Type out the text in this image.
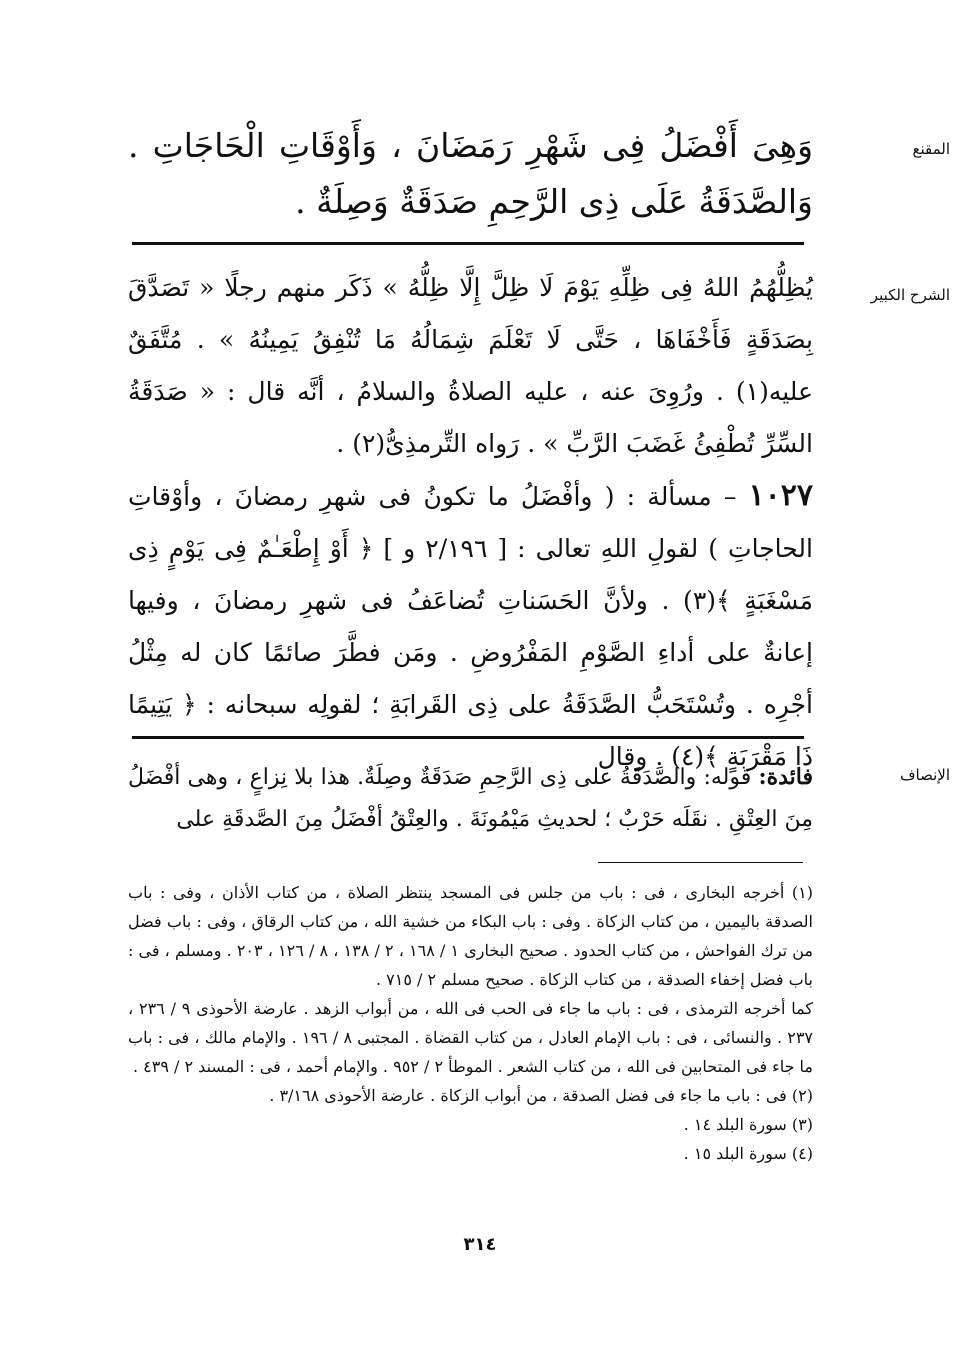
المقنع
وَهِىَ أَفْضَلُ فِى شَهْرِ رَمَضَانَ ، وَأَوْقَاتِ الْحَاجَاتِ . وَالصَّدَقَةُ عَلَى ذِى الرَّحِمِ صَدَقَةٌ وَصِلَةٌ .
الشرح الكبير

يُظِلُّهُمُ اللهُ فِى ظِلِّهِ يَوْمَ لَا ظِلَّ إِلَّا ظِلُّهُ » ذَكَر منهم رجلًا « تَصَدَّقَ بِصَدَقَةٍ فَأَخْفَاهَا ، حَتَّى لَا تَعْلَمَ شِمَالُهُ مَا تُنْفِقُ يَمِينُهُ » . مُتَّفَقٌ عليه(١) . ورُوِىَ عنه ، عليه الصلاةُ والسلامُ ، أنَّه قال : « صَدَقَةُ السِّرِّ تُطْفِئُ غَضَبَ الرَّبِّ » . رَواه التِّرمذِىُّ(٢) .

١٠٢٧ – مسألة : ( وأفْضَلُ ما تكونُ فى شهرِ رمضانَ ، وأوْقاتِ الحاجاتِ ) لقولِ اللهِ تعالى : [ ٢/١٩٦ و ] ﴿ أَوْ إِطْعَـٰمٌ فِى يَوْمٍ ذِى مَسْغَبَةٍ ﴾(٣) . ولأنَّ الحَسَناتِ تُضاعَفُ فى شهرِ رمضانَ ، وفيها إعانةٌ على أداءِ الصَّوْمِ المَفْرُوضِ . ومَن فطَّرَ صائمًا كان له مِثْلُ أجْرِه . وتُسْتَحَبُّ الصَّدَقَةُ على ذِى القَرابَةِ ؛ لقولِه سبحانه : ﴿ يَتِيمًا ذَا مَقْرَبَةٍ ﴾(٤) . وقال

الإنصاف
فائدة: قوله: والصَّدَقَةُ على ذِى الرَّحِمِ صَدَقَةٌ وصِلَةٌ. هذا بلا نِزاعٍ ، وهى أفْضَلُ مِنَ العِتْقِ . نقَلَه حَرْبٌ ؛ لحديثِ مَيْمُونَةَ . والعِتْقُ أفْضَلُ مِنَ الصَّدقَةِ على

(١) أخرجه البخارى ، فى : باب من جلس فى المسجد ينتظر الصلاة ، من كتاب الأذان ، وفى : باب الصدقة باليمين ، من كتاب الزكاة . وفى : باب البكاء من خشية الله ، من كتاب الرقاق ، وفى : باب فضل من ترك الفواحش ، من كتاب الحدود . صحيح البخارى ١ / ١٦٨ ، ٢ / ١٣٨ ، ٨ / ١٢٦ ، ٢٠٣ . ومسلم ، فى : باب فضل إخفاء الصدقة ، من كتاب الزكاة . صحيح مسلم ٢ / ٧١٥ .

كما أخرجه الترمذى ، فى : باب ما جاء فى الحب فى الله ، من أبواب الزهد . عارضة الأحوذى ٩ / ٢٣٦ ، ٢٣٧ . والنسائى ، فى : باب الإمام العادل ، من كتاب القضاة . المجتبى ٨ / ١٩٦ . والإمام مالك ، فى : باب ما جاء فى المتحابين فى الله ، من كتاب الشعر . الموطأ ٢ / ٩٥٢ . والإمام أحمد ، فى : المسند ٢ / ٤٣٩ .

(٢) فى : باب ما جاء فى فضل الصدقة ، من أبواب الزكاة . عارضة الأحوذى ٣/١٦٨ .

(٣) سورة البلد ١٤ .

(٤) سورة البلد ١٥ .

٣١٤
